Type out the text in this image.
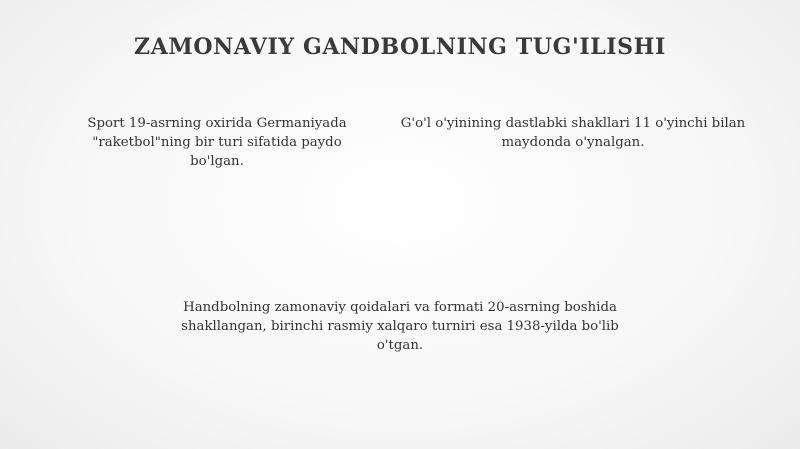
ZAMONAVIY GANDBOLNING TUG'ILISHI
Sport 19-asrning oxirida Germaniyada "raketbol"ning bir turi sifatida paydo bo'lgan.
G'o'l o'yinining dastlabki shakllari 11 o'yinchi bilan maydonda o'ynalgan.
Handbolning zamonaviy qoidalari va formati 20-asrning boshida shakllangan, birinchi rasmiy xalqaro turniri esa 1938-yilda bo'lib o'tgan.
